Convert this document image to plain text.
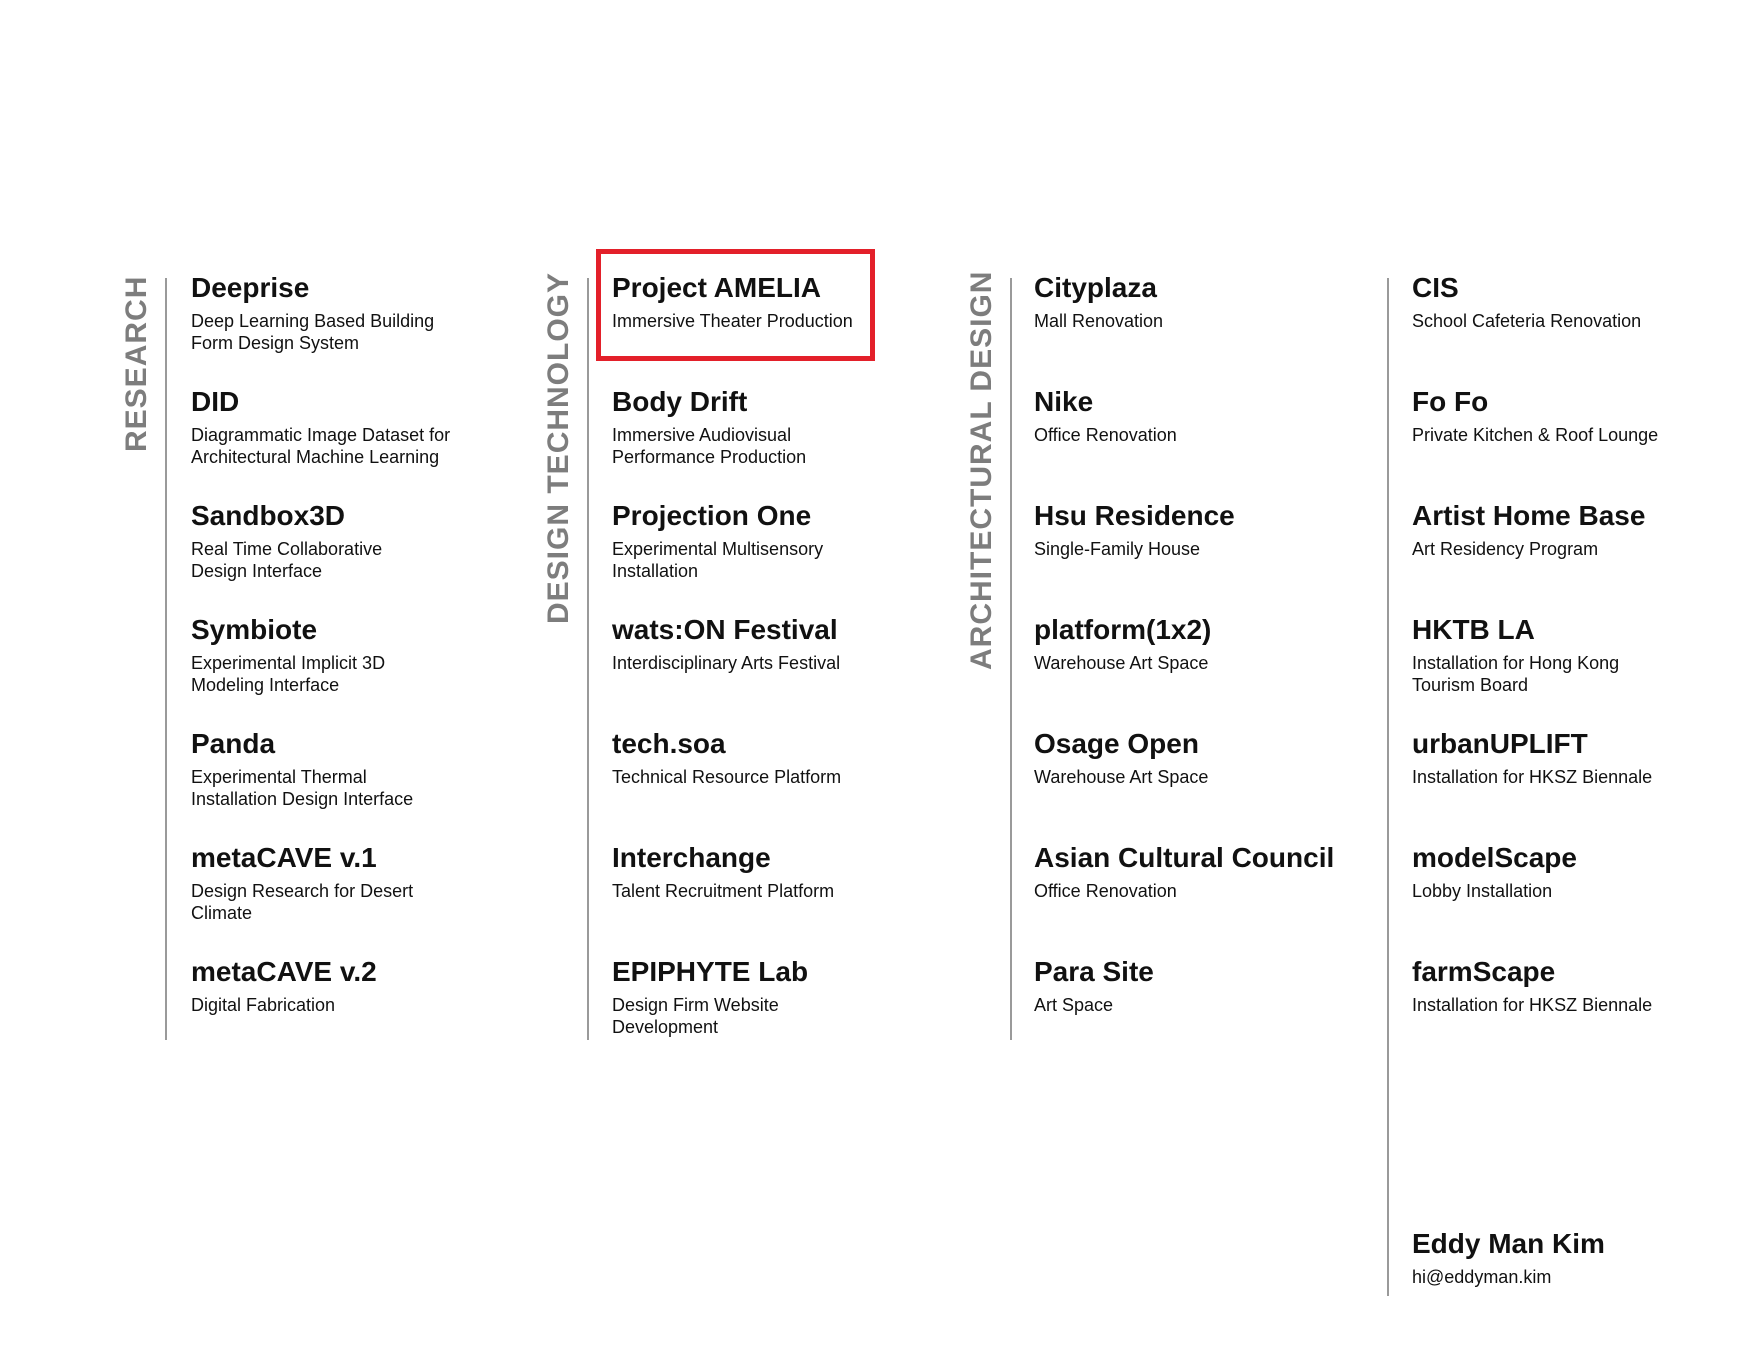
RESEARCH	DESIGN TECHNOLOGY	ARCHITECTURAL DESIGN
Deeprise
Deep Learning Based Building
Form Design System
DID
Diagrammatic Image Dataset for
Architectural Machine Learning
Sandbox3D
Real Time Collaborative
Design Interface
Symbiote
Experimental Implicit 3D
Modeling Interface
Panda
Experimental Thermal
Installation Design Interface
metaCAVE v.1
Design Research for Desert
Climate
metaCAVE v.2
Digital Fabrication
Project AMELIA
Immersive Theater Production
Body Drift
Immersive Audiovisual
Performance Production
Projection One
Experimental Multisensory
Installation
wats:ON Festival
Interdisciplinary Arts Festival
tech.soa
Technical Resource Platform
Interchange
Talent Recruitment Platform
EPIPHYTE Lab
Design Firm Website
Development
Cityplaza
Mall Renovation
Nike
Office Renovation
Hsu Residence
Single-Family House
platform(1x2)
Warehouse Art Space
Osage Open
Warehouse Art Space
Asian Cultural Council
Office Renovation
Para Site
Art Space
CIS
School Cafeteria Renovation
Fo Fo
Private Kitchen & Roof Lounge
Artist Home Base
Art Residency Program
HKTB LA
Installation for Hong Kong
Tourism Board
urbanUPLIFT
Installation for HKSZ Biennale
modelScape
Lobby Installation
farmScape
Installation for HKSZ Biennale
Eddy Man Kim
hi@eddyman.kim
